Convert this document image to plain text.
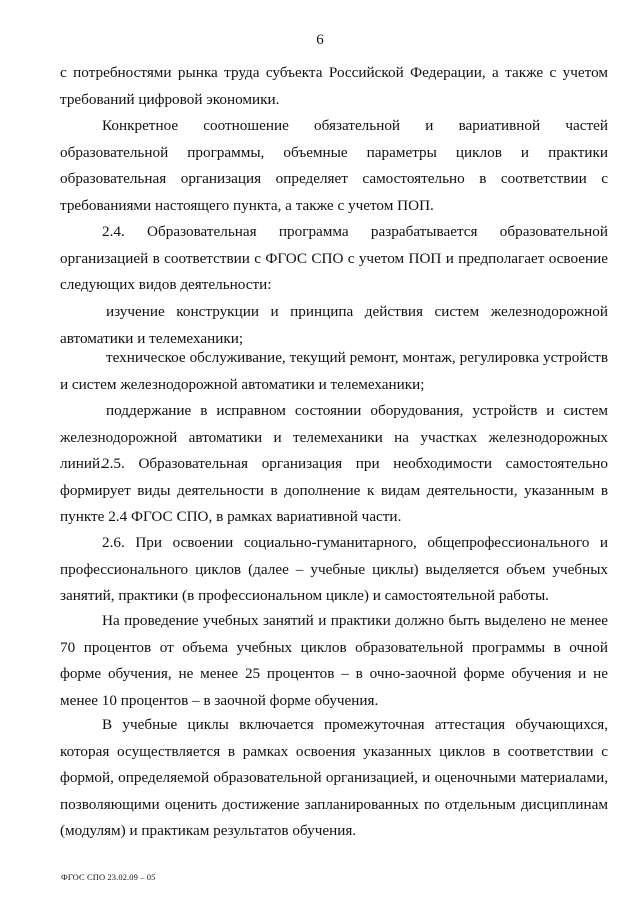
6
с потребностями рынка труда субъекта Российской Федерации, а также с учетом требований цифровой экономики.
Конкретное соотношение обязательной и вариативной частей образовательной программы, объемные параметры циклов и практики образовательная организация определяет самостоятельно в соответствии с требованиями настоящего пункта, а также с учетом ПОП.
2.4. Образовательная программа разрабатывается образовательной организацией в соответствии с ФГОС СПО с учетом ПОП и предполагает освоение следующих видов деятельности:
изучение конструкции и принципа действия систем железнодорожной автоматики и телемеханики;
техническое обслуживание, текущий ремонт, монтаж, регулировка устройств и систем железнодорожной автоматики и телемеханики;
поддержание в исправном состоянии оборудования, устройств и систем железнодорожной автоматики и телемеханики на участках железнодорожных линий.
2.5. Образовательная организация при необходимости самостоятельно формирует виды деятельности в дополнение к видам деятельности, указанным в пункте 2.4 ФГОС СПО, в рамках вариативной части.
2.6. При освоении социально-гуманитарного, общепрофессионального и профессионального циклов (далее – учебные циклы) выделяется объем учебных занятий, практики (в профессиональном цикле) и самостоятельной работы.
На проведение учебных занятий и практики должно быть выделено не менее 70 процентов от объема учебных циклов образовательной программы в очной форме обучения, не менее 25 процентов – в очно-заочной форме обучения и не менее 10 процентов – в заочной форме обучения.
В учебные циклы включается промежуточная аттестация обучающихся, которая осуществляется в рамках освоения указанных циклов в соответствии с формой, определяемой образовательной организацией, и оценочными материалами, позволяющими оценить достижение запланированных по отдельным дисциплинам (модулям) и практикам результатов обучения.
ФГОС СПО 23.02.09 – 05
